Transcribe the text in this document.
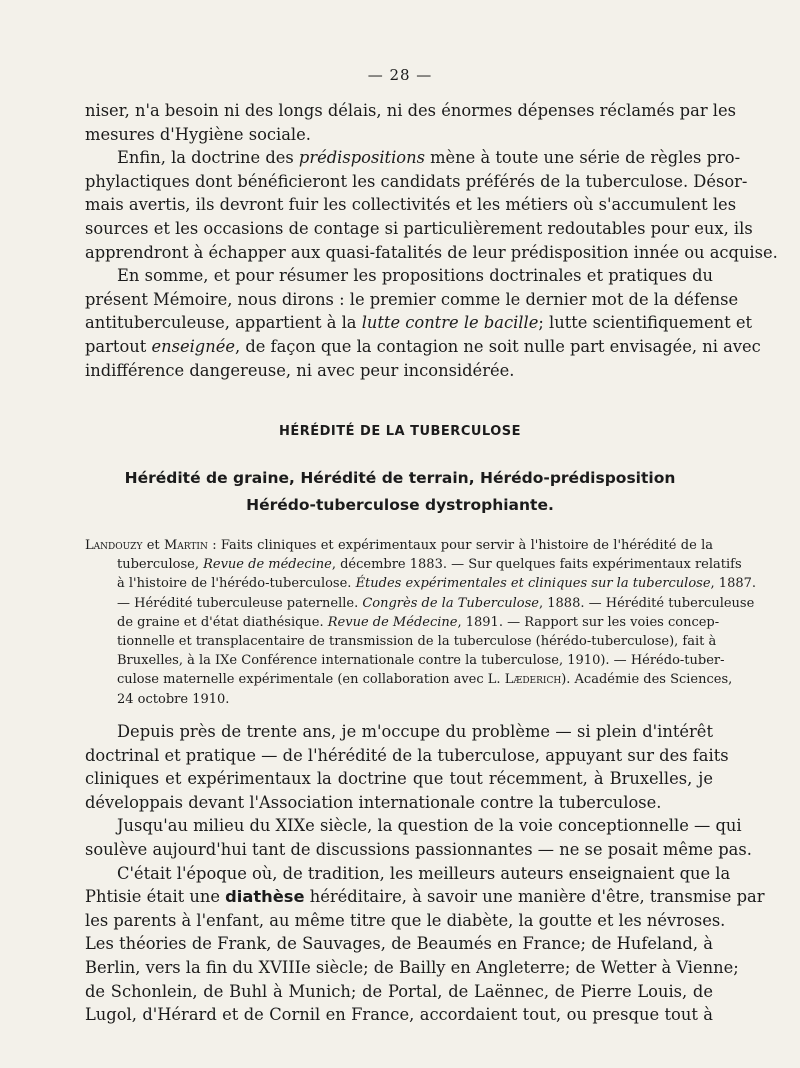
— 28 —
niser, n'a besoin ni des longs délais, ni des énormes dépenses réclamés par les
mesures d'Hygiène sociale.
Enfin, la doctrine des prédispositions mène à toute une série de règles pro-
phylactiques dont bénéficieront les candidats préférés de la tuberculose. Désor-
mais avertis, ils devront fuir les collectivités et les métiers où s'accumulent les
sources et les occasions de contage si particulièrement redoutables pour eux, ils
apprendront à échapper aux quasi-fatalités de leur prédisposition innée ou acquise.
En somme, et pour résumer les propositions doctrinales et pratiques du
présent Mémoire, nous dirons : le premier comme le dernier mot de la défense
antituberculeuse, appartient à la lutte contre le bacille; lutte scientifiquement et
partout enseignée, de façon que la contagion ne soit nulle part envisagée, ni avec
indifférence dangereuse, ni avec peur inconsidérée.
HÉRÉDITÉ DE LA TUBERCULOSE
Hérédité de graine, Hérédité de terrain, Hérédo-prédisposition
Hérédo-tuberculose dystrophiante.
Landouzy et Martin : Faits cliniques et expérimentaux pour servir à l'histoire de l'hérédité de la
tuberculose, Revue de médecine, décembre 1883. — Sur quelques faits expérimentaux relatifs
à l'histoire de l'hérédo-tuberculose. Études expérimentales et cliniques sur la tuberculose, 1887.
— Hérédité tuberculeuse paternelle. Congrès de la Tuberculose, 1888. — Hérédité tuberculeuse
de graine et d'état diathésique. Revue de Médecine, 1891. — Rapport sur les voies concep-
tionnelle et transplacentaire de transmission de la tuberculose (hérédo-tuberculose), fait à
Bruxelles, à la IXe Conférence internationale contre la tuberculose, 1910). — Hérédo-tuber-
culose maternelle expérimentale (en collaboration avec L. Læderich). Académie des Sciences,
24 octobre 1910.
Depuis près de trente ans, je m'occupe du problème — si plein d'intérêt
doctrinal et pratique — de l'hérédité de la tuberculose, appuyant sur des faits
cliniques et expérimentaux la doctrine que tout récemment, à Bruxelles, je
développais devant l'Association internationale contre la tuberculose.
Jusqu'au milieu du XIXe siècle, la question de la voie conceptionnelle — qui
soulève aujourd'hui tant de discussions passionnantes — ne se posait même pas.
C'était l'époque où, de tradition, les meilleurs auteurs enseignaient que la
Phtisie était une diathèse héréditaire, à savoir une manière d'être, transmise par
les parents à l'enfant, au même titre que le diabète, la goutte et les névroses.
Les théories de Frank, de Sauvages, de Beaumés en France; de Hufeland, à
Berlin, vers la fin du XVIIIe siècle; de Bailly en Angleterre; de Wetter à Vienne;
de Schonlein, de Buhl à Munich; de Portal, de Laënnec, de Pierre Louis, de
Lugol, d'Hérard et de Cornil en France, accordaient tout, ou presque tout à
